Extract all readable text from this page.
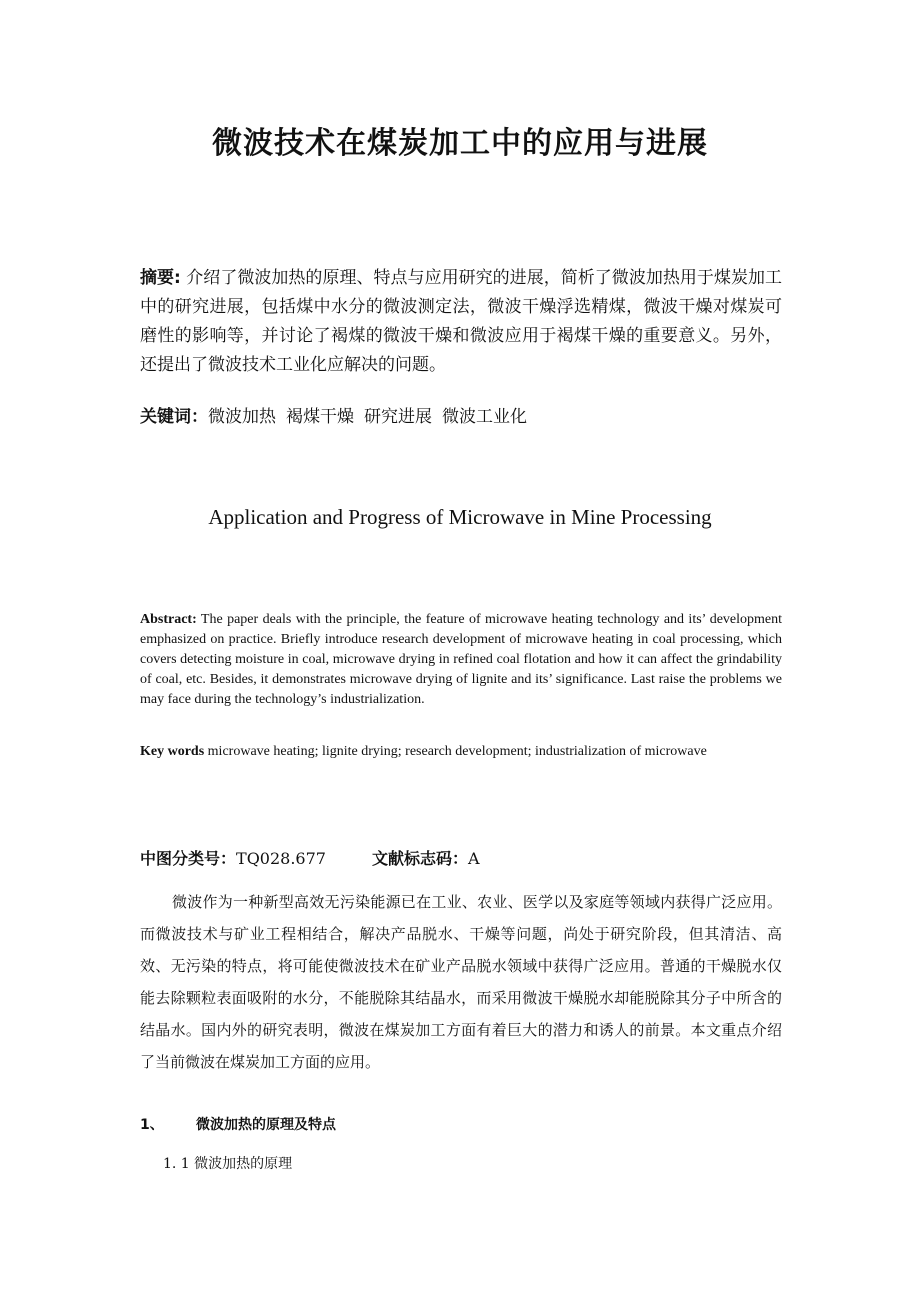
微波技术在煤炭加工中的应用与进展
摘要: 介绍了微波加热的原理、特点与应用研究的进展，简析了微波加热用于煤炭加工中的研究进展，包括煤中水分的微波测定法，微波干燥浮选精煤，微波干燥对煤炭可磨性的影响等，并讨论了褐煤的微波干燥和微波应用于褐煤干燥的重要意义。另外，还提出了微波技术工业化应解决的问题。
关键词：微波加热 褐煤干燥 研究进展 微波工业化
Application and Progress of Microwave in Mine Processing
Abstract: The paper deals with the principle, the feature of microwave heating technology and its’ development emphasized on practice. Briefly introduce research development of microwave heating in coal processing, which covers detecting moisture in coal, microwave drying in refined coal flotation and how it can affect the grindability of coal, etc. Besides, it demonstrates microwave drying of lignite and its’ significance. Last raise the problems we may face during the technology’s industrialization.
Key words microwave heating; lignite drying; research development; industrialization of microwave
中图分类号：TQ028.677	文献标志码：A
微波作为一种新型高效无污染能源已在工业、农业、医学以及家庭等领域内获得广泛应用。而微波技术与矿业工程相结合，解决产品脱水、干燥等问题，尚处于研究阶段，但其清洁、高效、无污染的特点，将可能使微波技术在矿业产品脱水领域中获得广泛应用。普通的干燥脱水仅能去除颗粒表面吸附的水分，不能脱除其结晶水，而采用微波干燥脱水却能脱除其分子中所含的结晶水。国内外的研究表明，微波在煤炭加工方面有着巨大的潜力和诱人的前景。本文重点介绍了当前微波在煤炭加工方面的应用。
1、 微波加热的原理及特点
1. 1 微波加热的原理
